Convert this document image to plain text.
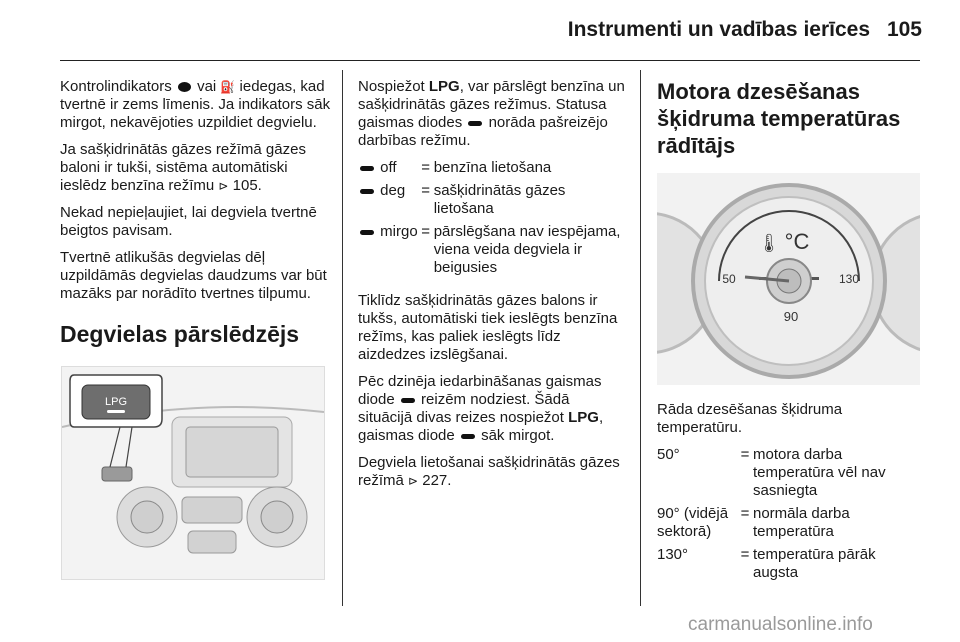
Instrumenti un vadības ierīces 105

Kontrolindikators  vai ⛽ iedegas, kad tvertnē ir zems līmenis. Ja indikators sāk mirgot, nekavējoties uzpildiet degvielu.

Ja sašķidrinātās gāzes režīmā gāzes baloni ir tukši, sistēma automātiski ieslēdz benzīna režīmu ⊳ 105.

Nekad nepieļaujiet, lai degviela tvertnē beigtos pavisam.

Tvertnē atlikušās degvielas dēļ uzpildāmās degvielas daudzums var būt mazāks par norādīto tvertnes tilpumu.

Degvielas pārslēdzējs
LPG

Nospiežot LPG, var pārslēgt benzīna un sašķidrinātās gāzes režīmus. Statusa gaismas diodes  norāda pašreizējo darbības režīmu.

off	=	benzīna lietošana
deg	=	sašķidrinātās gāzes lietošana
mirgo	=	pārslēgšana nav iespējama, viena veida degviela ir beigusies

Tiklīdz sašķidrinātās gāzes balons ir tukšs, automātiski tiek ieslēgts benzīna režīms, kas paliek ieslēgts līdz aizdedzes izslēgšanai.

Pēc dzinēja iedarbināšanas gaismas diode  reizēm nodziest. Šādā situācijā divas reizes nospiežot LPG, gaismas diode  sāk mirgot.

Degviela lietošanai sašķidrinātās gāzes režīmā ⊳ 227.

Motora dzesēšanas šķidruma temperatūras rādītājs
°C
🌡
50
90
130

Rāda dzesēšanas šķidruma temperatūru.

50°	=	motora darba temperatūra vēl nav sasniegta
90° (vidējā sektorā)	=	normāla darba temperatūra
130°	=	temperatūra pārāk augsta
carmanualsonline.info
